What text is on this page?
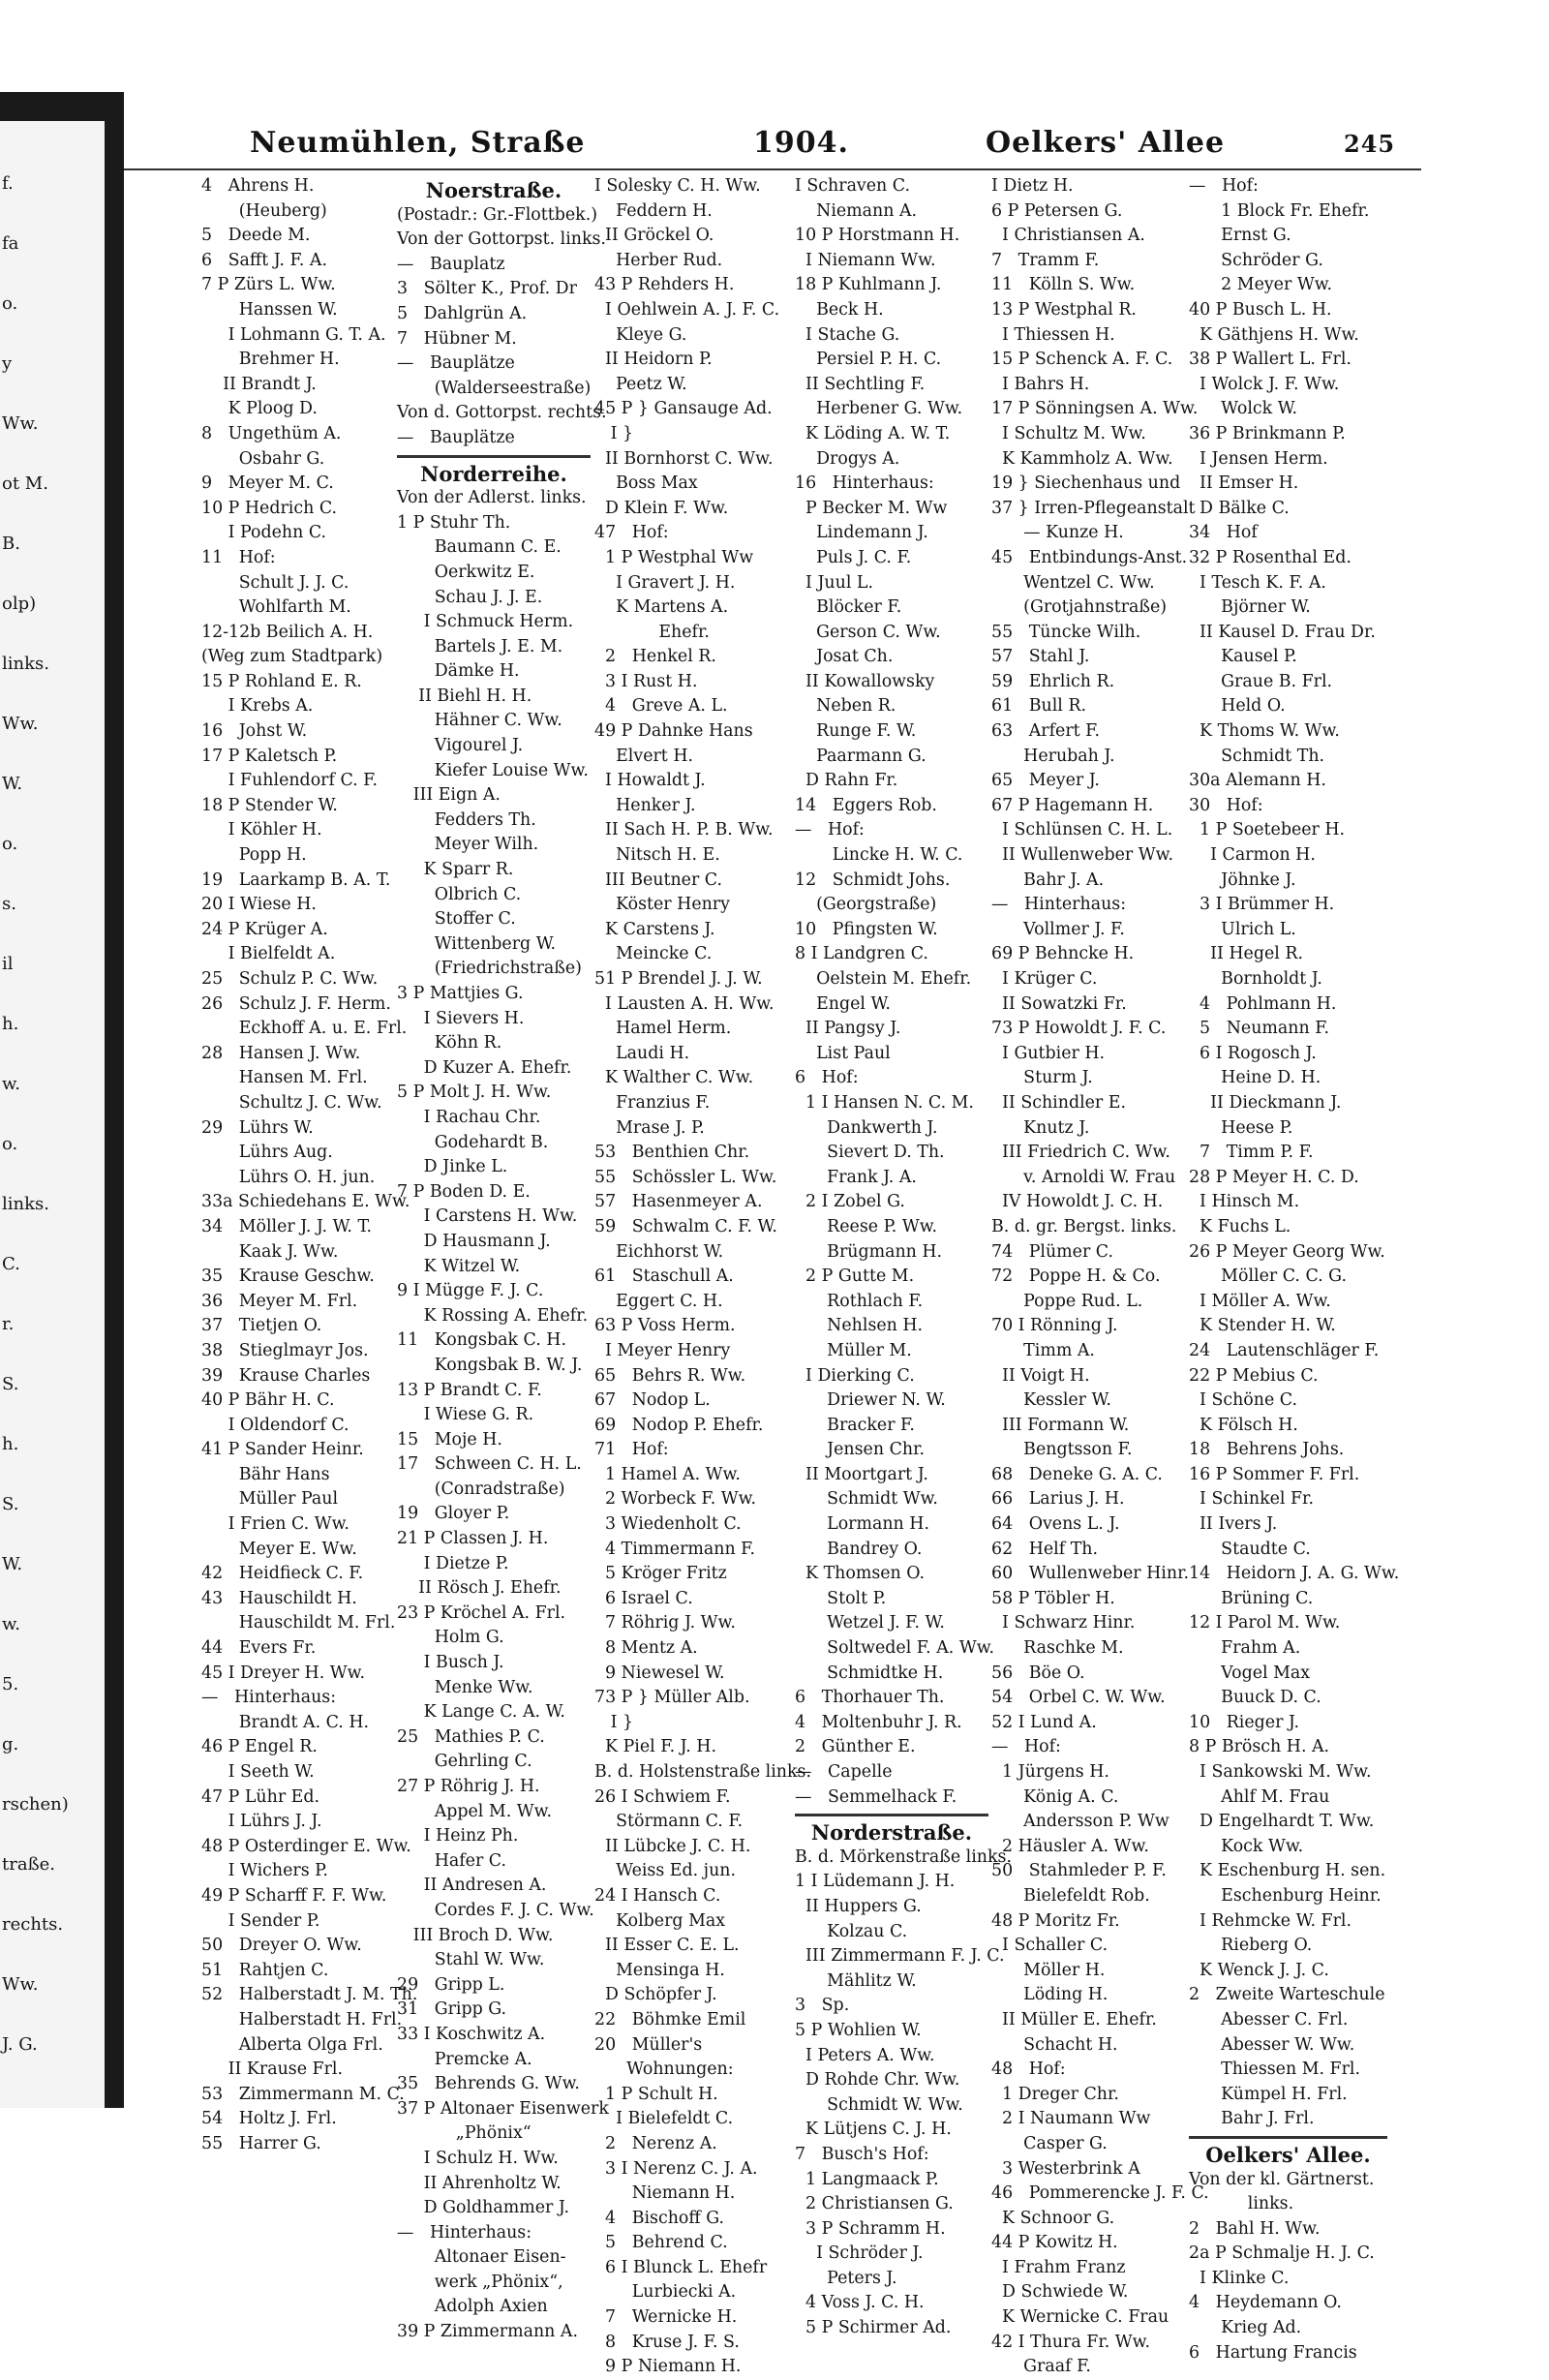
f.
fa
o.
y
Ww.
ot M.
B.
olp)
links.
Ww.
W.
o.
s.
il
h.
w.
o.
links.
C.
r.
S.
h.
S.
W.
w.
5.
g.
rschen)
traße.
rechts.
Ww.
J. G.
Neumühlen, Straße	1904.	Oelkers' Allee	245
4   Ahrens H.
(Heuberg)
5   Deede M.
6   Safft J. F. A.
7 P Zürs L. Ww.
Hanssen W.
I Lohmann G. T. A.
Brehmer H.
II Brandt J.
K Ploog D.
8   Ungethüm A.
Osbahr G.
9   Meyer M. C.
10 P Hedrich C.
I Podehn C.
11   Hof:
Schult J. J. C.
Wohlfarth M.
12-12b Beilich A. H.
(Weg zum Stadtpark)
15 P Rohland E. R.
I Krebs A.
16   Johst W.
17 P Kaletsch P.
I Fuhlendorf C. F.
18 P Stender W.
I Köhler H.
Popp H.
19   Laarkamp B. A. T.
20 I Wiese H.
24 P Krüger A.
I Bielfeldt A.
25   Schulz P. C. Ww.
26   Schulz J. F. Herm.
Eckhoff A. u. E. Frl.
28   Hansen J. Ww.
Hansen M. Frl.
Schultz J. C. Ww.
29   Lührs W.
Lührs Aug.
Lührs O. H. jun.
33a Schiedehans E. Ww.
34   Möller J. J. W. T.
Kaak J. Ww.
35   Krause Geschw.
36   Meyer M. Frl.
37   Tietjen O.
38   Stieglmayr Jos.
39   Krause Charles
40 P Bähr H. C.
I Oldendorf C.
41 P Sander Heinr.
Bähr Hans
Müller Paul
I Frien C. Ww.
Meyer E. Ww.
42   Heidfieck C. F.
43   Hauschildt H.
Hauschildt M. Frl.
44   Evers Fr.
45 I Dreyer H. Ww.
—   Hinterhaus:
Brandt A. C. H.
46 P Engel R.
I Seeth W.
47 P Lühr Ed.
I Lührs J. J.
48 P Osterdinger E. Ww.
I Wichers P.
49 P Scharff F. F. Ww.
I Sender P.
50   Dreyer O. Ww.
51   Rahtjen C.
52   Halberstadt J. M. Th.
Halberstadt H. Frl.
Alberta Olga Frl.
II Krause Frl.
53   Zimmermann M. C.
54   Holtz J. Frl.
55   Harrer G.
Noerstraße.
(Postadr.: Gr.-Flottbek.)
Von der Gottorpst. links.
—   Bauplatz
3   Sölter K., Prof. Dr
5   Dahlgrün A.
7   Hübner M.
—   Bauplätze
(Walderseestraße)
Von d. Gottorpst. rechts.
—   Bauplätze
Norderreihe.
Von der Adlerst. links.
1 P Stuhr Th.
Baumann C. E.
Oerkwitz E.
Schau J. J. E.
I Schmuck Herm.
Bartels J. E. M.
Dämke H.
II Biehl H. H.
Hähner C. Ww.
Vigourel J.
Kiefer Louise Ww.
III Eign A.
Fedders Th.
Meyer Wilh.
K Sparr R.
Olbrich C.
Stoffer C.
Wittenberg W.
(Friedrichstraße)
3 P Mattjies G.
I Sievers H.
Köhn R.
D Kuzer A. Ehefr.
5 P Molt J. H. Ww.
I Rachau Chr.
Godehardt B.
D Jinke L.
7 P Boden D. E.
I Carstens H. Ww.
D Hausmann J.
K Witzel W.
9 I Mügge F. J. C.
K Rossing A. Ehefr.
11   Kongsbak C. H.
Kongsbak B. W. J.
13 P Brandt C. F.
I Wiese G. R.
15   Moje H.
17   Schween C. H. L.
(Conradstraße)
19   Gloyer P.
21 P Classen J. H.
I Dietze P.
II Rösch J. Ehefr.
23 P Kröchel A. Frl.
Holm G.
I Busch J.
Menke Ww.
K Lange C. A. W.
25   Mathies P. C.
Gehrling C.
27 P Röhrig J. H.
Appel M. Ww.
I Heinz Ph.
Hafer C.
II Andresen A.
Cordes F. J. C. Ww.
III Broch D. Ww.
Stahl W. Ww.
29   Gripp L.
31   Gripp G.
33 I Koschwitz A.
Premcke A.
35   Behrends G. Ww.
37 P Altonaer Eisenwerk
„Phönix“
I Schulz H. Ww.
II Ahrenholtz W.
D Goldhammer J.
—   Hinterhaus:
Altonaer Eisen-
werk „Phönix“,
Adolph Axien
39 P Zimmermann A.
I Solesky C. H. Ww.
Feddern H.
II Gröckel O.
Herber Rud.
43 P Rehders H.
I Oehlwein A. J. F. C.
Kleye G.
II Heidorn P.
Peetz W.
45 P } Gansauge Ad.
I }
II Bornhorst C. Ww.
Boss Max
D Klein F. Ww.
47   Hof:
1 P Westphal Ww
I Gravert J. H.
K Martens A.
Ehefr.
2   Henkel R.
3 I Rust H.
4   Greve A. L.
49 P Dahnke Hans
Elvert H.
I Howaldt J.
Henker J.
II Sach H. P. B. Ww.
Nitsch H. E.
III Beutner C.
Köster Henry
K Carstens J.
Meincke C.
51 P Brendel J. J. W.
I Lausten A. H. Ww.
Hamel Herm.
Laudi H.
K Walther C. Ww.
Franzius F.
Mrase J. P.
53   Benthien Chr.
55   Schössler L. Ww.
57   Hasenmeyer A.
59   Schwalm C. F. W.
Eichhorst W.
61   Staschull A.
Eggert C. H.
63 P Voss Herm.
I Meyer Henry
65   Behrs R. Ww.
67   Nodop L.
69   Nodop P. Ehefr.
71   Hof:
1 Hamel A. Ww.
2 Worbeck F. Ww.
3 Wiedenholt C.
4 Timmermann F.
5 Kröger Fritz
6 Israel C.
7 Röhrig J. Ww.
8 Mentz A.
9 Niewesel W.
73 P } Müller Alb.
I }
K Piel F. J. H.
B. d. Holstenstraße links.
26 I Schwiem F.
Störmann C. F.
II Lübcke J. C. H.
Weiss Ed. jun.
24 I Hansch C.
Kolberg Max
II Esser C. E. L.
Mensinga H.
D Schöpfer J.
22   Böhmke Emil
20   Müller's
Wohnungen:
1 P Schult H.
I Bielefeldt C.
2   Nerenz A.
3 I Nerenz C. J. A.
Niemann H.
4   Bischoff G.
5   Behrend C.
6 I Blunck L. Ehefr
Lurbiecki A.
7   Wernicke H.
8   Kruse J. F. S.
9 P Niemann H.
I Schraven C.
Niemann A.
10 P Horstmann H.
I Niemann Ww.
18 P Kuhlmann J.
Beck H.
I Stache G.
Persiel P. H. C.
II Sechtling F.
Herbener G. Ww.
K Löding A. W. T.
Drogys A.
16   Hinterhaus:
P Becker M. Ww
Lindemann J.
Puls J. C. F.
I Juul L.
Blöcker F.
Gerson C. Ww.
Josat Ch.
II Kowallowsky
Neben R.
Runge F. W.
Paarmann G.
D Rahn Fr.
14   Eggers Rob.
—   Hof:
Lincke H. W. C.
12   Schmidt Johs.
(Georgstraße)
10   Pfingsten W.
8 I Landgren C.
Oelstein M. Ehefr.
Engel W.
II Pangsy J.
List Paul
6   Hof:
1 I Hansen N. C. M.
Dankwerth J.
Sievert D. Th.
Frank J. A.
2 I Zobel G.
Reese P. Ww.
Brügmann H.
2 P Gutte M.
Rothlach F.
Nehlsen H.
Müller M.
I Dierking C.
Driewer N. W.
Bracker F.
Jensen Chr.
II Moortgart J.
Schmidt Ww.
Lormann H.
Bandrey O.
K Thomsen O.
Stolt P.
Wetzel J. F. W.
Soltwedel F. A. Ww.
Schmidtke H.
6   Thorhauer Th.
4   Moltenbuhr J. R.
2   Günther E.
—   Capelle
—   Semmelhack F.
Norderstraße.
B. d. Mörkenstraße links.
1 I Lüdemann J. H.
II Huppers G.
Kolzau C.
III Zimmermann F. J. C.
Mählitz W.
3   Sp.
5 P Wohlien W.
I Peters A. Ww.
D Rohde Chr. Ww.
Schmidt W. Ww.
K Lütjens C. J. H.
7   Busch's Hof:
1 Langmaack P.
2 Christiansen G.
3 P Schramm H.
I Schröder J.
Peters J.
4 Voss J. C. H.
5 P Schirmer Ad.
I Dietz H.
6 P Petersen G.
I Christiansen A.
7   Tramm F.
11   Kölln S. Ww.
13 P Westphal R.
I Thiessen H.
15 P Schenck A. F. C.
I Bahrs H.
17 P Sönningsen A. Ww.
I Schultz M. Ww.
K Kammholz A. Ww.
19 } Siechenhaus und
37 } Irren-Pflegeanstalt
— Kunze H.
45   Entbindungs-Anst.
Wentzel C. Ww.
(Grotjahnstraße)
55   Tüncke Wilh.
57   Stahl J.
59   Ehrlich R.
61   Bull R.
63   Arfert F.
Herubah J.
65   Meyer J.
67 P Hagemann H.
I Schlünsen C. H. L.
II Wullenweber Ww.
Bahr J. A.
—   Hinterhaus:
Vollmer J. F.
69 P Behncke H.
I Krüger C.
II Sowatzki Fr.
73 P Howoldt J. F. C.
I Gutbier H.
Sturm J.
II Schindler E.
Knutz J.
III Friedrich C. Ww.
v. Arnoldi W. Frau
IV Howoldt J. C. H.
B. d. gr. Bergst. links.
74   Plümer C.
72   Poppe H. & Co.
Poppe Rud. L.
70 I Rönning J.
Timm A.
II Voigt H.
Kessler W.
III Formann W.
Bengtsson F.
68   Deneke G. A. C.
66   Larius J. H.
64   Ovens L. J.
62   Helf Th.
60   Wullenweber Hinr.
58 P Töbler H.
I Schwarz Hinr.
Raschke M.
56   Böe O.
54   Orbel C. W. Ww.
52 I Lund A.
—   Hof:
1 Jürgens H.
König A. C.
Andersson P. Ww
2 Häusler A. Ww.
50   Stahmleder P. F.
Bielefeldt Rob.
48 P Moritz Fr.
I Schaller C.
Möller H.
Löding H.
II Müller E. Ehefr.
Schacht H.
48   Hof:
1 Dreger Chr.
2 I Naumann Ww
Casper G.
3 Westerbrink A
46   Pommerencke J. F. C.
K Schnoor G.
44 P Kowitz H.
I Frahm Franz
D Schwiede W.
K Wernicke C. Frau
42 I Thura Fr. Ww.
Graaf F.
—   Hof:
1 Block Fr. Ehefr.
Ernst G.
Schröder G.
2 Meyer Ww.
40 P Busch L. H.
K Gäthjens H. Ww.
38 P Wallert L. Frl.
I Wolck J. F. Ww.
Wolck W.
36 P Brinkmann P.
I Jensen Herm.
II Emser H.
D Bälke C.
34   Hof
32 P Rosenthal Ed.
I Tesch K. F. A.
Björner W.
II Kausel D. Frau Dr.
Kausel P.
Graue B. Frl.
Held O.
K Thoms W. Ww.
Schmidt Th.
30a Alemann H.
30   Hof:
1 P Soetebeer H.
I Carmon H.
Jöhnke J.
3 I Brümmer H.
Ulrich L.
II Hegel R.
Bornholdt J.
4   Pohlmann H.
5   Neumann F.
6 I Rogosch J.
Heine D. H.
II Dieckmann J.
Heese P.
7   Timm P. F.
28 P Meyer H. C. D.
I Hinsch M.
K Fuchs L.
26 P Meyer Georg Ww.
Möller C. C. G.
I Möller A. Ww.
K Stender H. W.
24   Lautenschläger F.
22 P Mebius C.
I Schöne C.
K Fölsch H.
18   Behrens Johs.
16 P Sommer F. Frl.
I Schinkel Fr.
II Ivers J.
Staudte C.
14   Heidorn J. A. G. Ww.
Brüning C.
12 I Parol M. Ww.
Frahm A.
Vogel Max
Buuck D. C.
10   Rieger J.
8 P Brösch H. A.
I Sankowski M. Ww.
Ahlf M. Frau
D Engelhardt T. Ww.
Kock Ww.
K Eschenburg H. sen.
Eschenburg Heinr.
I Rehmcke W. Frl.
Rieberg O.
K Wenck J. J. C.
2   Zweite Warteschule
Abesser C. Frl.
Abesser W. Ww.
Thiessen M. Frl.
Kümpel H. Frl.
Bahr J. Frl.
Oelkers' Allee.
Von der kl. Gärtnerst.
links.
2   Bahl H. Ww.
2a P Schmalje H. J. C.
I Klinke C.
4   Heydemann O.
Krieg Ad.
6   Hartung Francis
